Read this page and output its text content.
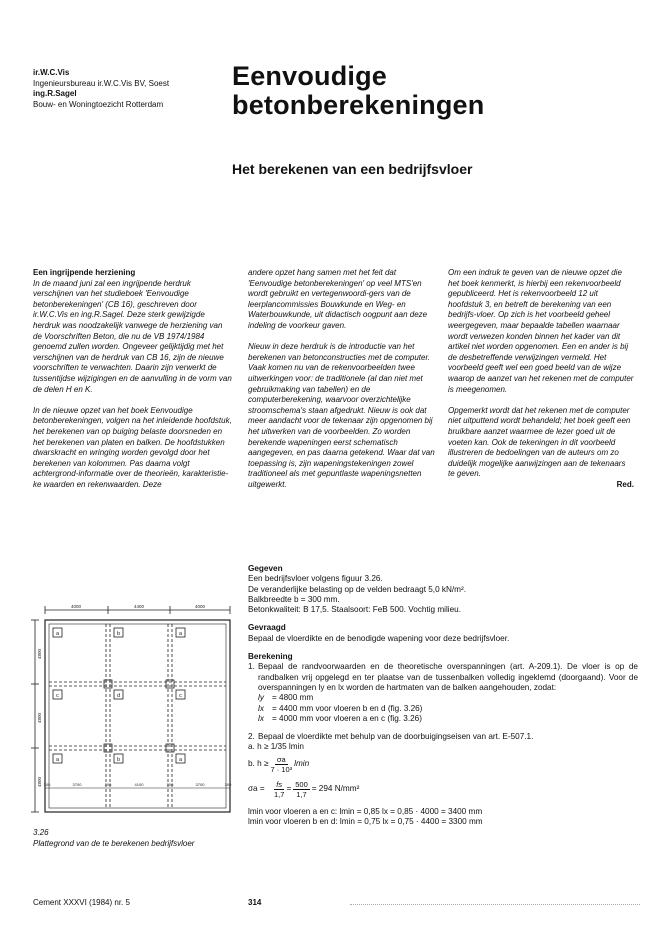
ir.W.C.Vis
Ingenieursbureau ir.W.C.Vis BV, Soest
ing.R.Sagel
Bouw- en Woningtoezicht Rotterdam
Eenvoudige
betonberekeningen
Het berekenen van een bedrijfsvloer
Een ingrijpende herziening

In de maand juni zal een ingrijpende herdruk verschijnen van het studieboek 'Eenvoudige betonberekeningen' (CB 16), geschreven door ir.W.C.Vis en ing.R.Sagel. Deze sterk gewijzigde herdruk was noodzakelijk vanwege de herziening van de Voorschriften Beton, die nu de VB 1974/1984 genoemd zullen worden. Ongeveer gelijktijdig met het verschijnen van de herdruk van CB 16, zijn de nieuwe voorschriften te verwachten. Daarin zijn verwerkt de tussentijdse wijzigingen en de aanvulling in de vorm van de delen H en K.

In de nieuwe opzet van het boek Eenvoudige betonberekeningen, volgen na het inleidende hoofdstuk, het berekenen van op buiging belaste doorsneden en het berekenen van platen en balken. De hoofdstukken dwarskracht en wringing worden gevolgd door het berekenen van kolommen. Pas daarna volgt achtergrond-informatie over de theorieën, karakteristie-ke waarden en rekenwaarden. Deze

andere opzet hang samen met het feit dat 'Eenvoudige betonberekeningen' op veel MTS'en wordt gebruikt en vertegenwoordi-gers van de leerplancommissies Bouwkunde en Weg- en Waterbouwkunde, uit didactisch oogpunt aan deze indeling de voorkeur gaven.

Nieuw in deze herdruk is de introductie van het berekenen van betonconstructies met de computer. Vaak komen nu van de rekenvoorbeelden twee uitwerkingen voor: de traditionele (al dan niet met gebruikmaking van tabellen) en de computerberekening, waarvoor overzichtelijke stroomschema's staan afgedrukt. Nieuw is ook dat meer aandacht voor de tekenaar zijn opgenomen bij het uitwerken van de voorbeelden. Zo worden berekende wapeningen eerst schematisch aangegeven, en pas daarna getekend. Waar dat van toepassing is, zijn wapeningstekeningen zowel traditioneel als met gepuntlaste wapeningsnetten uitgewerkt.

Om een indruk te geven van de nieuwe opzet die het boek kenmerkt, is hierbij een rekenvoorbeeld gepubliceerd. Het is rekenvoorbeeld 12 uit hoofdstuk 3, en betreft de berekening van een bedrijfs-vloer. Op zich is het voorbeeld geheel weergegeven, maar bepaalde tabellen waarnaar wordt verwezen konden binnen het kader van dit artikel niet worden opgenomen. Een en ander is bij de desbetreffende verwijzingen vermeld. Het voorbeeld geeft wel een goed beeld van de wijze waarop de aanzet van het rekenen met de computer is meegenomen.

Opgemerkt wordt dat het rekenen met de computer niet uitputtend wordt behandeld; het boek geeft een bruikbare aanzet waarmee de lezer goed uit de voeten kan. Ook de tekeningen in dit voorbeeld illustreren de bedoelingen van de auteurs om zo duidelijk mogelijke aanwijzingen aan de tekenaars te geven.

Red.
4000	4400	4000
4800
4800
4800
a	b	a
c	d	c
a	b	a
300	3700	300	4100	300	3700	300
3.26
Plattegrond van de te berekenen bedrijfsvloer
Gegeven
Een bedrijfsvloer volgens figuur 3.26.
De veranderlijke belasting op de velden bedraagt 5,0 kN/m².
Balkbreedte b = 300 mm.
Betonkwaliteit: B 17,5. Staalsoort: FeB 500. Vochtig milieu.
Gevraagd
Bepaal de vloerdikte en de benodigde wapening voor deze bedrijfsvloer.
Berekening
1. Bepaal de randvoorwaarden en de theoretische overspanningen (art. A-209.1). De vloer is op de randbalken vrij opgelegd en ter plaatse van de tussenbalken volledig ingeklemd (doorgaand). Voor de overspanningen ly en lx worden de hartmaten van de balken aangehouden, zodat:
ly = 4800 mm
lx = 4400 mm voor vloeren b en d (fig. 3.26)
lx = 4000 mm voor vloeren a en c (fig. 3.26)
2. Bepaal de vloerdikte met behulp van de doorbuigingseisen van art. E-507.1.
a. h ≥ 1/35 lmin
b. $h \ge \frac{\sigma a}{\text{7 · 10³}}$ lmin
σa =	$\frac{fs}{1,7} = \frac{500}{1,7} = 294$ N/mm²
lmin voor vloeren a en c: lmin = 0,85 lx = 0,85 · 4000 = 3400 mm
lmin voor vloeren b en d: lmin = 0,75 lx = 0,75 · 4400 = 3300 mm
Cement XXXVI (1984) nr. 5	314
